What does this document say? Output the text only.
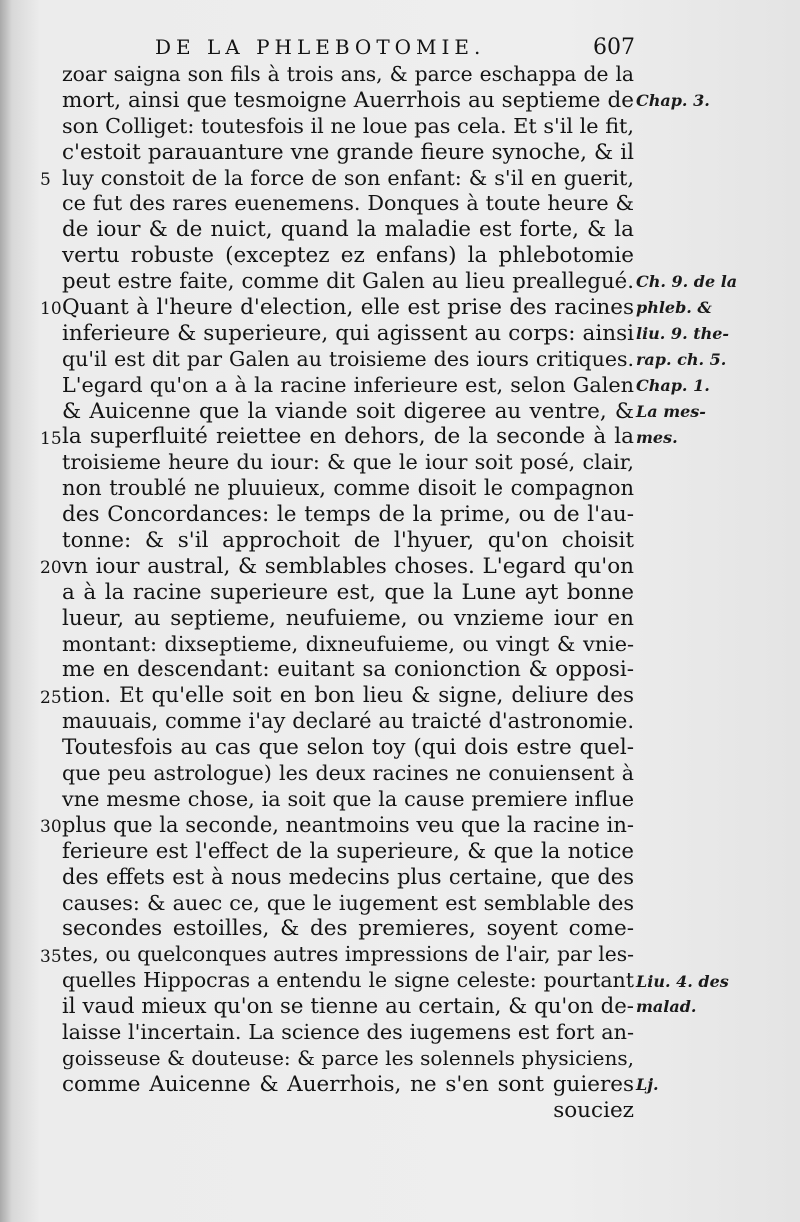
DE LA PHLEBOTOMIE.	607
zoar saigna son fils à trois ans, & parce eschappa de la
mort, ainsi que tesmoigne Auerrhois au septieme de
son Colliget: toutesfois il ne loue pas cela. Et s'il le fit,
c'estoit parauanture vne grande fieure synoche, & il
luy constoit de la force de son enfant: & s'il en guerit,
ce fut des rares euenemens. Donques à toute heure &
de iour & de nuict, quand la maladie est forte, & la
vertu robuste (exceptez ez enfans) la phlebotomie
peut estre faite, comme dit Galen au lieu preallegué.
Quant à l'heure d'election, elle est prise des racines
inferieure & superieure, qui agissent au corps: ainsi
qu'il est dit par Galen au troisieme des iours critiques.
L'egard qu'on a à la racine inferieure est, selon Galen
& Auicenne que la viande soit digeree au ventre, &
la superfluité reiettee en dehors, de la seconde à la
troisieme heure du iour: & que le iour soit posé, clair,
non troublé ne pluuieux, comme disoit le compagnon
des Concordances: le temps de la prime, ou de l'au-
tonne: & s'il approchoit de l'hyuer, qu'on choisit
vn iour austral, & semblables choses. L'egard qu'on
a à la racine superieure est, que la Lune ayt bonne
lueur, au septieme, neufuieme, ou vnzieme iour en
montant: dixseptieme, dixneufuieme, ou vingt & vnie-
me en descendant: euitant sa conionction & opposi-
tion. Et qu'elle soit en bon lieu & signe, deliure des
mauuais, comme i'ay declaré au traicté d'astronomie.
Toutesfois au cas que selon toy (qui dois estre quel-
que peu astrologue) les deux racines ne conuiensent à
vne mesme chose, ia soit que la cause premiere influe
plus que la seconde, neantmoins veu que la racine in-
ferieure est l'effect de la superieure, & que la notice
des effets est à nous medecins plus certaine, que des
causes: & auec ce, que le iugement est semblable des
secondes estoilles, & des premieres, soyent come-
tes, ou quelconques autres impressions de l'air, par les-
quelles Hippocras a entendu le signe celeste: pourtant
il vaud mieux qu'on se tienne au certain, & qu'on de-
laisse l'incertain. La science des iugemens est fort an-
goisseuse & douteuse: & parce les solennels physiciens,
comme Auicenne & Auerrhois, ne s'en sont guieres
souciez
5
10
15
20
25
30
35
Chap. 3.
Ch. 9. de la
phleb. &
liu. 9. the-
rap. ch. 5.
Chap. 1.
La mes-
mes.
Liu. 4. des
malad.
Lj.
